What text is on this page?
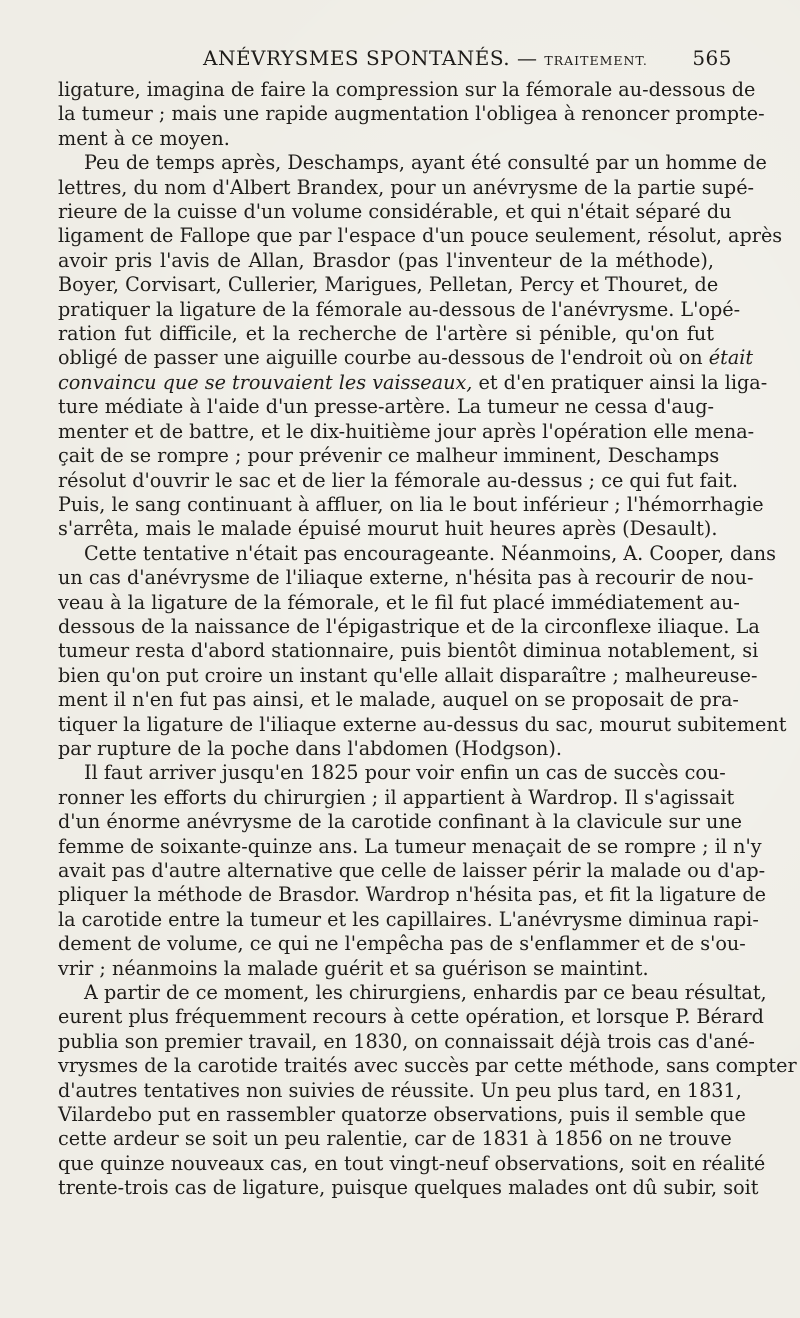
ANÉVRYSMES SPONTANÉS. — TRAITEMENT. 565
ligature, imagina de faire la compression sur la fémorale au-dessous de
la tumeur ; mais une rapide augmentation l'obligea à renoncer prompte-
ment à ce moyen.
Peu de temps après, Deschamps, ayant été consulté par un homme de
lettres, du nom d'Albert Brandex, pour un anévrysme de la partie supé-
rieure de la cuisse d'un volume considérable, et qui n'était séparé du
ligament de Fallope que par l'espace d'un pouce seulement, résolut, après
avoir pris l'avis de Allan, Brasdor (pas l'inventeur de la méthode),
Boyer, Corvisart, Cullerier, Marigues, Pelletan, Percy et Thouret, de
pratiquer la ligature de la fémorale au-dessous de l'anévrysme. L'opé-
ration fut difficile, et la recherche de l'artère si pénible, qu'on fut
obligé de passer une aiguille courbe au-dessous de l'endroit où on était
convaincu que se trouvaient les vaisseaux, et d'en pratiquer ainsi la liga-
ture médiate à l'aide d'un presse-artère. La tumeur ne cessa d'aug-
menter et de battre, et le dix-huitième jour après l'opération elle mena-
çait de se rompre ; pour prévenir ce malheur imminent, Deschamps
résolut d'ouvrir le sac et de lier la fémorale au-dessus ; ce qui fut fait.
Puis, le sang continuant à affluer, on lia le bout inférieur ; l'hémorrhagie
s'arrêta, mais le malade épuisé mourut huit heures après (Desault).
Cette tentative n'était pas encourageante. Néanmoins, A. Cooper, dans
un cas d'anévrysme de l'iliaque externe, n'hésita pas à recourir de nou-
veau à la ligature de la fémorale, et le fil fut placé immédiatement au-
dessous de la naissance de l'épigastrique et de la circonflexe iliaque. La
tumeur resta d'abord stationnaire, puis bientôt diminua notablement, si
bien qu'on put croire un instant qu'elle allait disparaître ; malheureuse-
ment il n'en fut pas ainsi, et le malade, auquel on se proposait de pra-
tiquer la ligature de l'iliaque externe au-dessus du sac, mourut subitement
par rupture de la poche dans l'abdomen (Hodgson).
Il faut arriver jusqu'en 1825 pour voir enfin un cas de succès cou-
ronner les efforts du chirurgien ; il appartient à Wardrop. Il s'agissait
d'un énorme anévrysme de la carotide confinant à la clavicule sur une
femme de soixante-quinze ans. La tumeur menaçait de se rompre ; il n'y
avait pas d'autre alternative que celle de laisser périr la malade ou d'ap-
pliquer la méthode de Brasdor. Wardrop n'hésita pas, et fit la ligature de
la carotide entre la tumeur et les capillaires. L'anévrysme diminua rapi-
dement de volume, ce qui ne l'empêcha pas de s'enflammer et de s'ou-
vrir ; néanmoins la malade guérit et sa guérison se maintint.
A partir de ce moment, les chirurgiens, enhardis par ce beau résultat,
eurent plus fréquemment recours à cette opération, et lorsque P. Bérard
publia son premier travail, en 1830, on connaissait déjà trois cas d'ané-
vrysmes de la carotide traités avec succès par cette méthode, sans compter
d'autres tentatives non suivies de réussite. Un peu plus tard, en 1831,
Vilardebo put en rassembler quatorze observations, puis il semble que
cette ardeur se soit un peu ralentie, car de 1831 à 1856 on ne trouve
que quinze nouveaux cas, en tout vingt-neuf observations, soit en réalité
trente-trois cas de ligature, puisque quelques malades ont dû subir, soit
